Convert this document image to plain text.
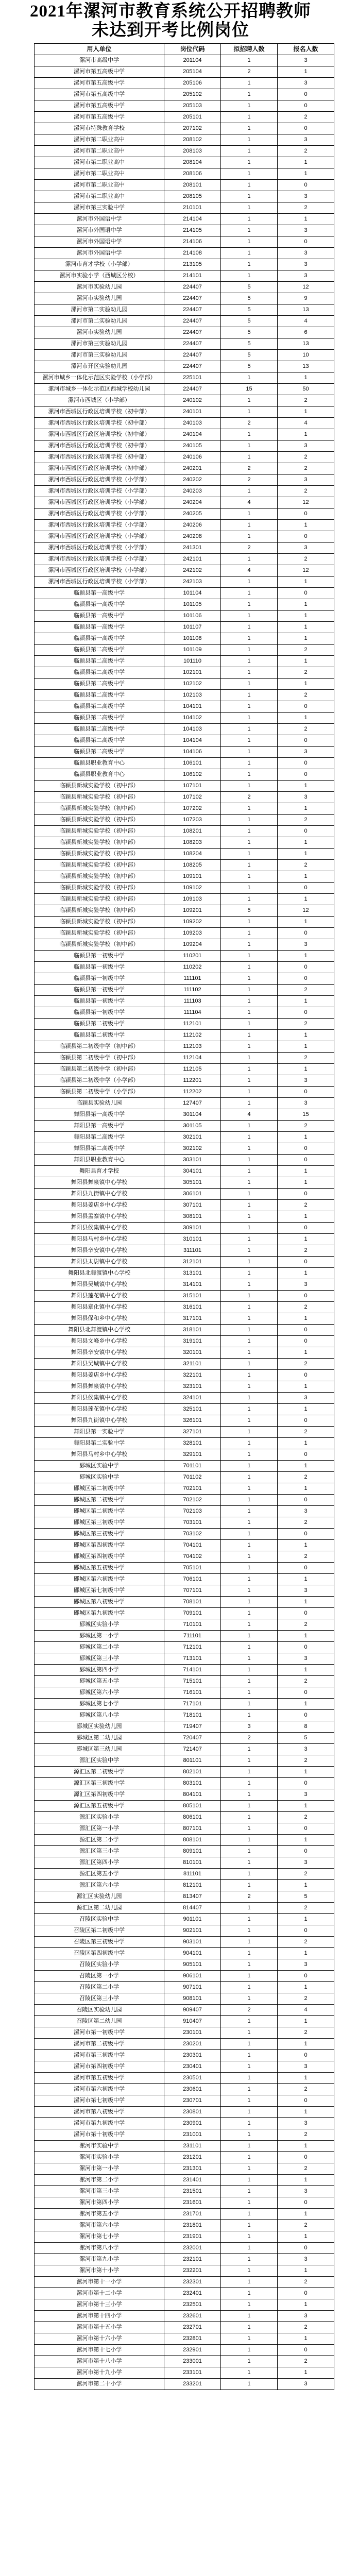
2021年漯河市教育系统公开招聘教师
未达到开考比例岗位
用人单位	岗位代码	拟招聘人数	报名人数
漯河市高级中学	201104	1	3
漯河市第五高级中学	205104	2	1
漯河市第五高级中学	205106	1	3
漯河市第五高级中学	205102	1	0
漯河市第五高级中学	205103	1	0
漯河市第五高级中学	205101	1	2
漯河市特殊教育学校	207102	1	0
漯河市第二职业高中	208102	1	3
漯河市第二职业高中	208103	1	2
漯河市第二职业高中	208104	1	1
漯河市第二职业高中	208106	1	1
漯河市第二职业高中	208101	1	0
漯河市第二职业高中	208105	1	3
漯河市第三实验中学	210101	1	2
漯河市外国语中学	214104	1	1
漯河市外国语中学	214105	1	3
漯河市外国语中学	214106	1	0
漯河市外国语中学	214108	1	3
漯河市育才学校（小学部）	213105	1	3
漯河市实验小学（西城区分校）	214101	1	3
漯河市实验幼儿园	224407	5	12
漯河市实验幼儿园	224407	5	9
漯河市第二实验幼儿园	224407	5	13
漯河市第二实验幼儿园	224407	5	4
漯河市实验幼儿园	224407	5	6
漯河市第三实验幼儿园	224407	5	13
漯河市第三实验幼儿园	224407	5	10
漯河市开区实验幼儿园	224407	5	13
漯河市城乡一体化示范区实验学校（小学部）	225101	1	1
漯河市城乡一体化示范区西城学校幼儿园	224407	15	50
漯河市西城区（小学部）	240102	1	2
漯河市西城区行政区培训学校（初中部）	240101	1	1
漯河市西城区行政区培训学校（初中部）	240103	2	4
漯河市西城区行政区培训学校（初中部）	240104	1	1
漯河市西城区行政区培训学校（初中部）	240105	1	3
漯河市西城区行政区培训学校（初中部）	240106	1	2
漯河市西城区行政区培训学校（初中部）	240201	2	2
漯河市西城区行政区培训学校（小学部）	240202	2	3
漯河市西城区行政区培训学校（小学部）	240203	1	2
漯河市西城区行政区培训学校（小学部）	240204	4	12
漯河市西城区行政区培训学校（小学部）	240205	1	0
漯河市西城区行政区培训学校（小学部）	240206	1	1
漯河市西城区行政区培训学校（小学部）	240208	1	0
漯河市西城区行政区培训学校（小学部）	241301	2	3
漯河市西城区行政区培训学校（小学部）	242101	1	2
漯河市西城区行政区培训学校（小学部）	242102	4	12
漯河市西城区行政区培训学校（小学部）	242103	1	1
临颍县第一高级中学	101104	1	0
临颍县第一高级中学	101105	1	1
临颍县第一高级中学	101106	1	1
临颍县第一高级中学	101107	1	1
临颍县第一高级中学	101108	1	1
临颍县第二高级中学	101109	1	2
临颍县第二高级中学	101110	1	1
临颍县第二高级中学	102101	1	2
临颍县第二高级中学	102102	1	1
临颍县第二高级中学	102103	1	2
临颍县第二高级中学	104101	1	0
临颍县第二高级中学	104102	1	1
临颍县第二高级中学	104103	1	2
临颍县第二高级中学	104104	1	0
临颍县第二高级中学	104106	1	3
临颍县职业教育中心	106101	1	0
临颍县职业教育中心	106102	1	0
临颍县新城实验学校（初中部）	107101	1	1
临颍县新城实验学校（初中部）	107102	2	3
临颍县新城实验学校（初中部）	107202	1	1
临颍县新城实验学校（初中部）	107203	1	2
临颍县新城实验学校（初中部）	108201	1	0
临颍县新城实验学校（初中部）	108203	1	1
临颍县新城实验学校（初中部）	108204	1	1
临颍县新城实验学校（初中部）	108205	1	2
临颍县新城实验学校（初中部）	109101	1	1
临颍县新城实验学校（初中部）	109102	1	0
临颍县新城实验学校（初中部）	109103	1	1
临颍县新城实验学校（初中部）	109201	5	12
临颍县新城实验学校（初中部）	109202	1	1
临颍县新城实验学校（初中部）	109203	1	0
临颍县新城实验学校（初中部）	109204	1	3
临颍县第一初级中学	110201	1	1
临颍县第一初级中学	110202	1	0
临颍县第一初级中学	111101	1	0
临颍县第一初级中学	111102	1	2
临颍县第一初级中学	111103	1	1
临颍县第一初级中学	111104	1	0
临颍县第二初级中学	112101	1	2
临颍县第二初级中学	112102	1	1
临颍县第二初级中学（初中部）	112103	1	1
临颍县第二初级中学（初中部）	112104	1	2
临颍县第二初级中学（初中部）	112105	1	1
临颍县第二初级中学（小学部）	112201	1	3
临颍县第二初级中学（小学部）	112202	1	0
临颍县实验幼儿园	127407	1	3
舞阳县第一高级中学	301104	4	15
舞阳县第一高级中学	301105	1	2
舞阳县第二高级中学	302101	1	1
舞阳县第二高级中学	302102	1	0
舞阳县职业教育中心	303101	1	0
舞阳县育才学校	304101	1	1
舞阳县舞泉镇中心学校	305101	1	1
舞阳县九街镇中心学校	306101	1	0
舞阳县姜店乡中心学校	307101	1	2
舞阳县孟寨镇中心学校	308101	1	1
舞阳县侯集镇中心学校	309101	1	0
舞阳县马村乡中心学校	310101	1	1
舞阳县辛安镇中心学校	311101	1	2
舞阳县太尉镇中心学校	312101	1	0
舞阳县北舞渡镇中心学校	313101	1	1
舞阳县吴城镇中心学校	314101	1	3
舞阳县莲花镇中心学校	315101	1	0
舞阳县章化镇中心学校	316101	1	2
舞阳县保和乡中心学校	317101	1	1
舞阳县北舞渡镇中心学校	318101	1	0
舞阳县文峰乡中心学校	319101	1	0
舞阳县辛安镇中心学校	320101	1	1
舞阳县吴城镇中心学校	321101	1	2
舞阳县姜店乡中心学校	322101	1	0
舞阳县舞泉镇中心学校	323101	1	1
舞阳县侯集镇中心学校	324101	1	3
舞阳县莲花镇中心学校	325101	1	1
舞阳县九街镇中心学校	326101	1	0
舞阳县第一实验中学	327101	1	2
舞阳县第二实验中学	328101	1	1
舞阳县马村乡中心学校	329101	1	0
郾城区实验中学	701101	1	1
郾城区实验中学	701102	1	2
郾城区第二初级中学	702101	1	1
郾城区第二初级中学	702102	1	0
郾城区第二初级中学	702103	1	3
郾城区第三初级中学	703101	1	2
郾城区第三初级中学	703102	1	0
郾城区第四初级中学	704101	1	1
郾城区第四初级中学	704102	1	2
郾城区第五初级中学	705101	1	0
郾城区第六初级中学	706101	1	1
郾城区第七初级中学	707101	1	3
郾城区第八初级中学	708101	1	1
郾城区第九初级中学	709101	1	0
郾城区实验小学	710101	1	2
郾城区第一小学	711101	1	1
郾城区第二小学	712101	1	0
郾城区第三小学	713101	1	3
郾城区第四小学	714101	1	1
郾城区第五小学	715101	1	2
郾城区第六小学	716101	1	0
郾城区第七小学	717101	1	1
郾城区第八小学	718101	1	0
郾城区实验幼儿园	719407	3	8
郾城区第二幼儿园	720407	2	5
郾城区第三幼儿园	721407	1	3
源汇区实验中学	801101	1	2
源汇区第二初级中学	802101	1	1
源汇区第三初级中学	803101	1	0
源汇区第四初级中学	804101	1	3
源汇区第五初级中学	805101	1	1
源汇区实验小学	806101	1	2
源汇区第一小学	807101	1	0
源汇区第二小学	808101	1	1
源汇区第三小学	809101	1	0
源汇区第四小学	810101	1	3
源汇区第五小学	811101	1	2
源汇区第六小学	812101	1	1
源汇区实验幼儿园	813407	2	5
源汇区第二幼儿园	814407	1	2
召陵区实验中学	901101	1	1
召陵区第二初级中学	902101	1	0
召陵区第三初级中学	903101	1	2
召陵区第四初级中学	904101	1	1
召陵区实验小学	905101	1	3
召陵区第一小学	906101	1	0
召陵区第二小学	907101	1	1
召陵区第三小学	908101	1	2
召陵区实验幼儿园	909407	2	4
召陵区第二幼儿园	910407	1	1
漯河市第一初级中学	230101	1	2
漯河市第二初级中学	230201	1	1
漯河市第三初级中学	230301	1	0
漯河市第四初级中学	230401	1	3
漯河市第五初级中学	230501	1	1
漯河市第六初级中学	230601	1	2
漯河市第七初级中学	230701	1	0
漯河市第八初级中学	230801	1	1
漯河市第九初级中学	230901	1	3
漯河市第十初级中学	231001	1	2
漯河市实验中学	231101	1	1
漯河市实验小学	231201	1	0
漯河市第一小学	231301	1	2
漯河市第二小学	231401	1	1
漯河市第三小学	231501	1	3
漯河市第四小学	231601	1	0
漯河市第五小学	231701	1	1
漯河市第六小学	231801	1	2
漯河市第七小学	231901	1	1
漯河市第八小学	232001	1	0
漯河市第九小学	232101	1	3
漯河市第十小学	232201	1	1
漯河市第十一小学	232301	1	2
漯河市第十二小学	232401	1	0
漯河市第十三小学	232501	1	1
漯河市第十四小学	232601	1	3
漯河市第十五小学	232701	1	2
漯河市第十六小学	232801	1	1
漯河市第十七小学	232901	1	0
漯河市第十八小学	233001	1	2
漯河市第十九小学	233101	1	1
漯河市第二十小学	233201	1	3
